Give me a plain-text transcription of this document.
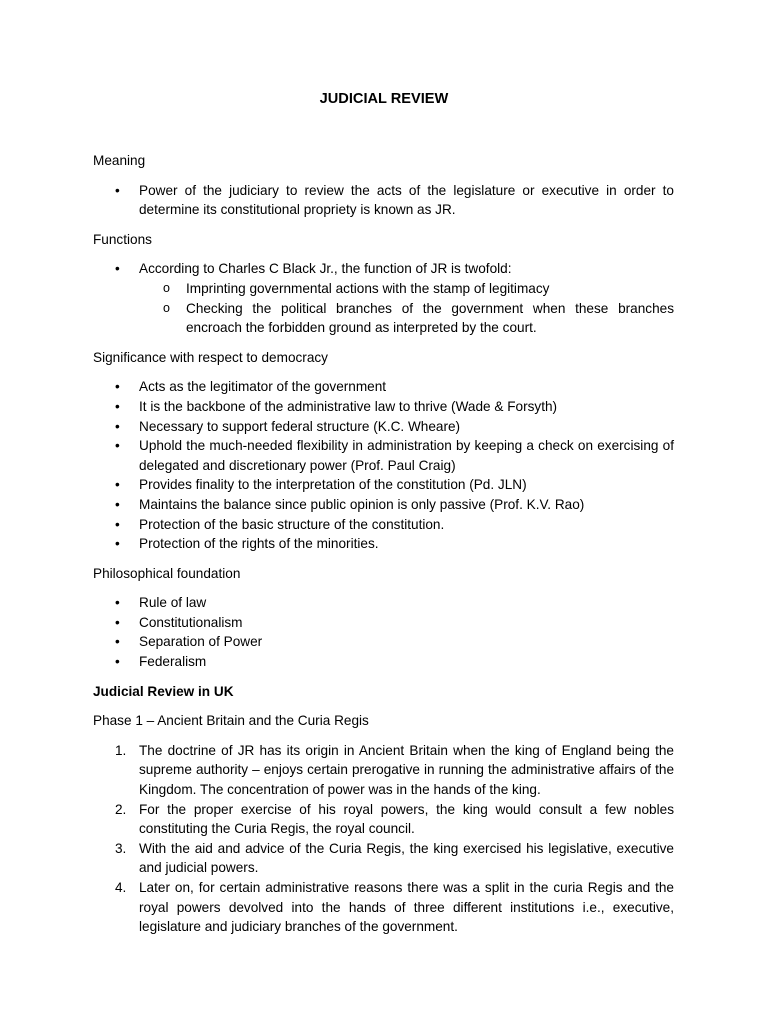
JUDICIAL REVIEW

Meaning

• Power of the judiciary to review the acts of the legislature or executive in order to determine its constitutional propriety is known as JR.

Functions

• According to Charles C Black Jr., the function of JR is twofold:
o Imprinting governmental actions with the stamp of legitimacy
o Checking the political branches of the government when these branches encroach the forbidden ground as interpreted by the court.

Significance with respect to democracy

• Acts as the legitimator of the government
• It is the backbone of the administrative law to thrive (Wade & Forsyth)
• Necessary to support federal structure (K.C. Wheare)
• Uphold the much-needed flexibility in administration by keeping a check on exercising of delegated and discretionary power (Prof. Paul Craig)
• Provides finality to the interpretation of the constitution (Pd. JLN)
• Maintains the balance since public opinion is only passive (Prof. K.V. Rao)
• Protection of the basic structure of the constitution.
• Protection of the rights of the minorities.

Philosophical foundation

• Rule of law
• Constitutionalism
• Separation of Power
• Federalism

Judicial Review in UK

Phase 1 – Ancient Britain and the Curia Regis

1. The doctrine of JR has its origin in Ancient Britain when the king of England being the supreme authority – enjoys certain prerogative in running the administrative affairs of the Kingdom. The concentration of power was in the hands of the king.
2. For the proper exercise of his royal powers, the king would consult a few nobles constituting the Curia Regis, the royal council.
3. With the aid and advice of the Curia Regis, the king exercised his legislative, executive and judicial powers.
4. Later on, for certain administrative reasons there was a split in the curia Regis and the royal powers devolved into the hands of three different institutions i.e., executive, legislature and judiciary branches of the government.
